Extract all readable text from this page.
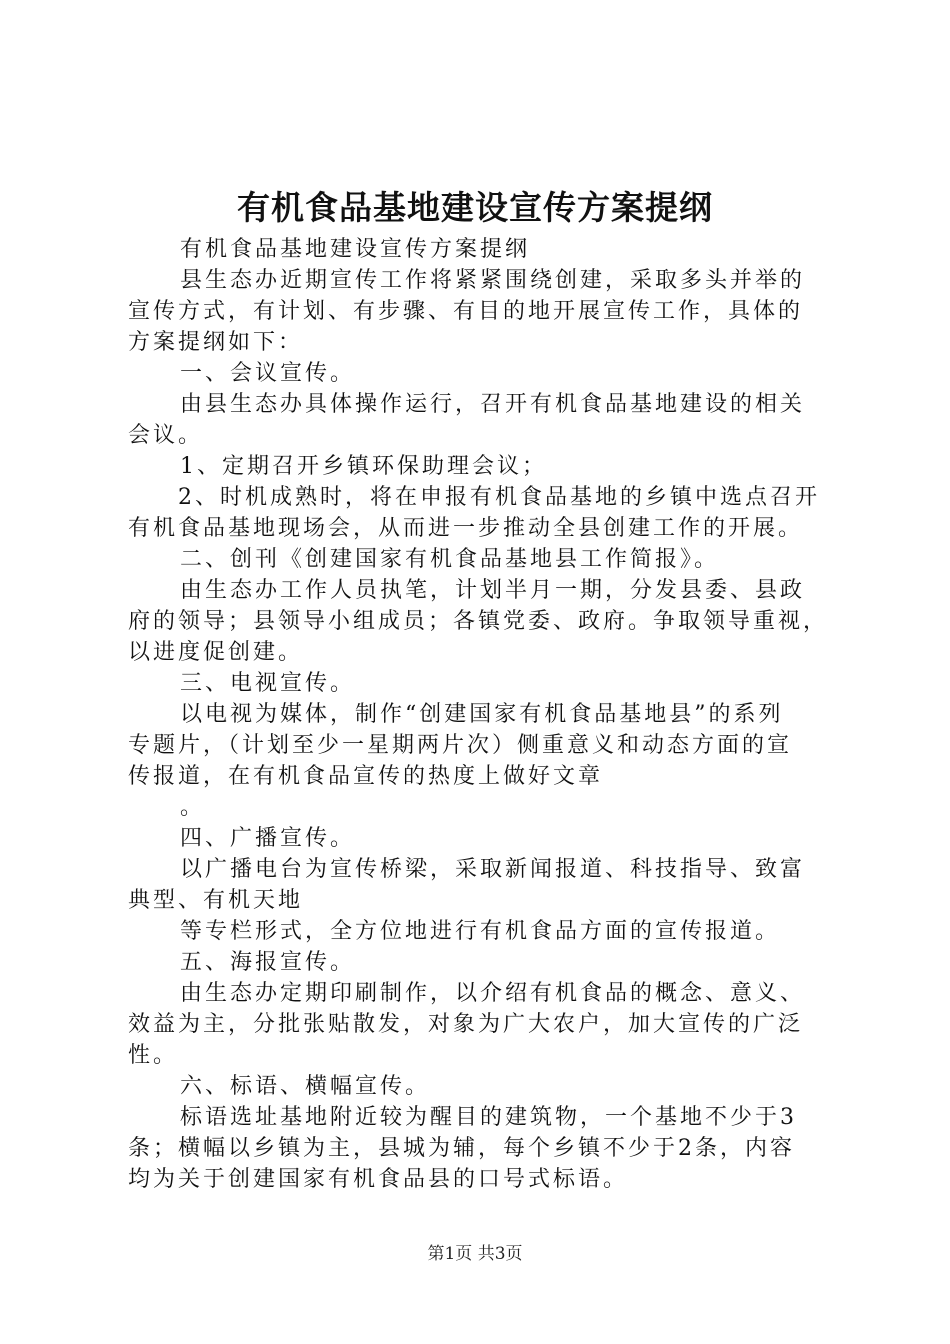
有机食品基地建设宣传方案提纲
有机食品基地建设宣传方案提纲
县生态办近期宣传工作将紧紧围绕创建，采取多头并举的
宣传方式，有计划、有步骤、有目的地开展宣传工作，具体的
方案提纲如下：
一、会议宣传。
由县生态办具体操作运行，召开有机食品基地建设的相关
会议。
1、定期召开乡镇环保助理会议；
2、时机成熟时，将在申报有机食品基地的乡镇中选点召开
有机食品基地现场会，从而进一步推动全县创建工作的开展。
二、创刊《创建国家有机食品基地县工作简报》。
由生态办工作人员执笔，计划半月一期，分发县委、县政
府的领导；县领导小组成员；各镇党委、政府。争取领导重视，
以进度促创建。
三、电视宣传。
以电视为媒体，制作“创建国家有机食品基地县”的系列
专题片，（计划至少一星期两片次）侧重意义和动态方面的宣
传报道，在有机食品宣传的热度上做好文章
。
四、广播宣传。
以广播电台为宣传桥梁，采取新闻报道、科技指导、致富
典型、有机天地
等专栏形式，全方位地进行有机食品方面的宣传报道。
五、海报宣传。
由生态办定期印刷制作，以介绍有机食品的概念、意义、
效益为主，分批张贴散发，对象为广大农户，加大宣传的广泛
性。
六、标语、横幅宣传。
标语选址基地附近较为醒目的建筑物，一个基地不少于3
条；横幅以乡镇为主，县城为辅，每个乡镇不少于2条，内容
均为关于创建国家有机食品县的口号式标语。
第1页 共3页
